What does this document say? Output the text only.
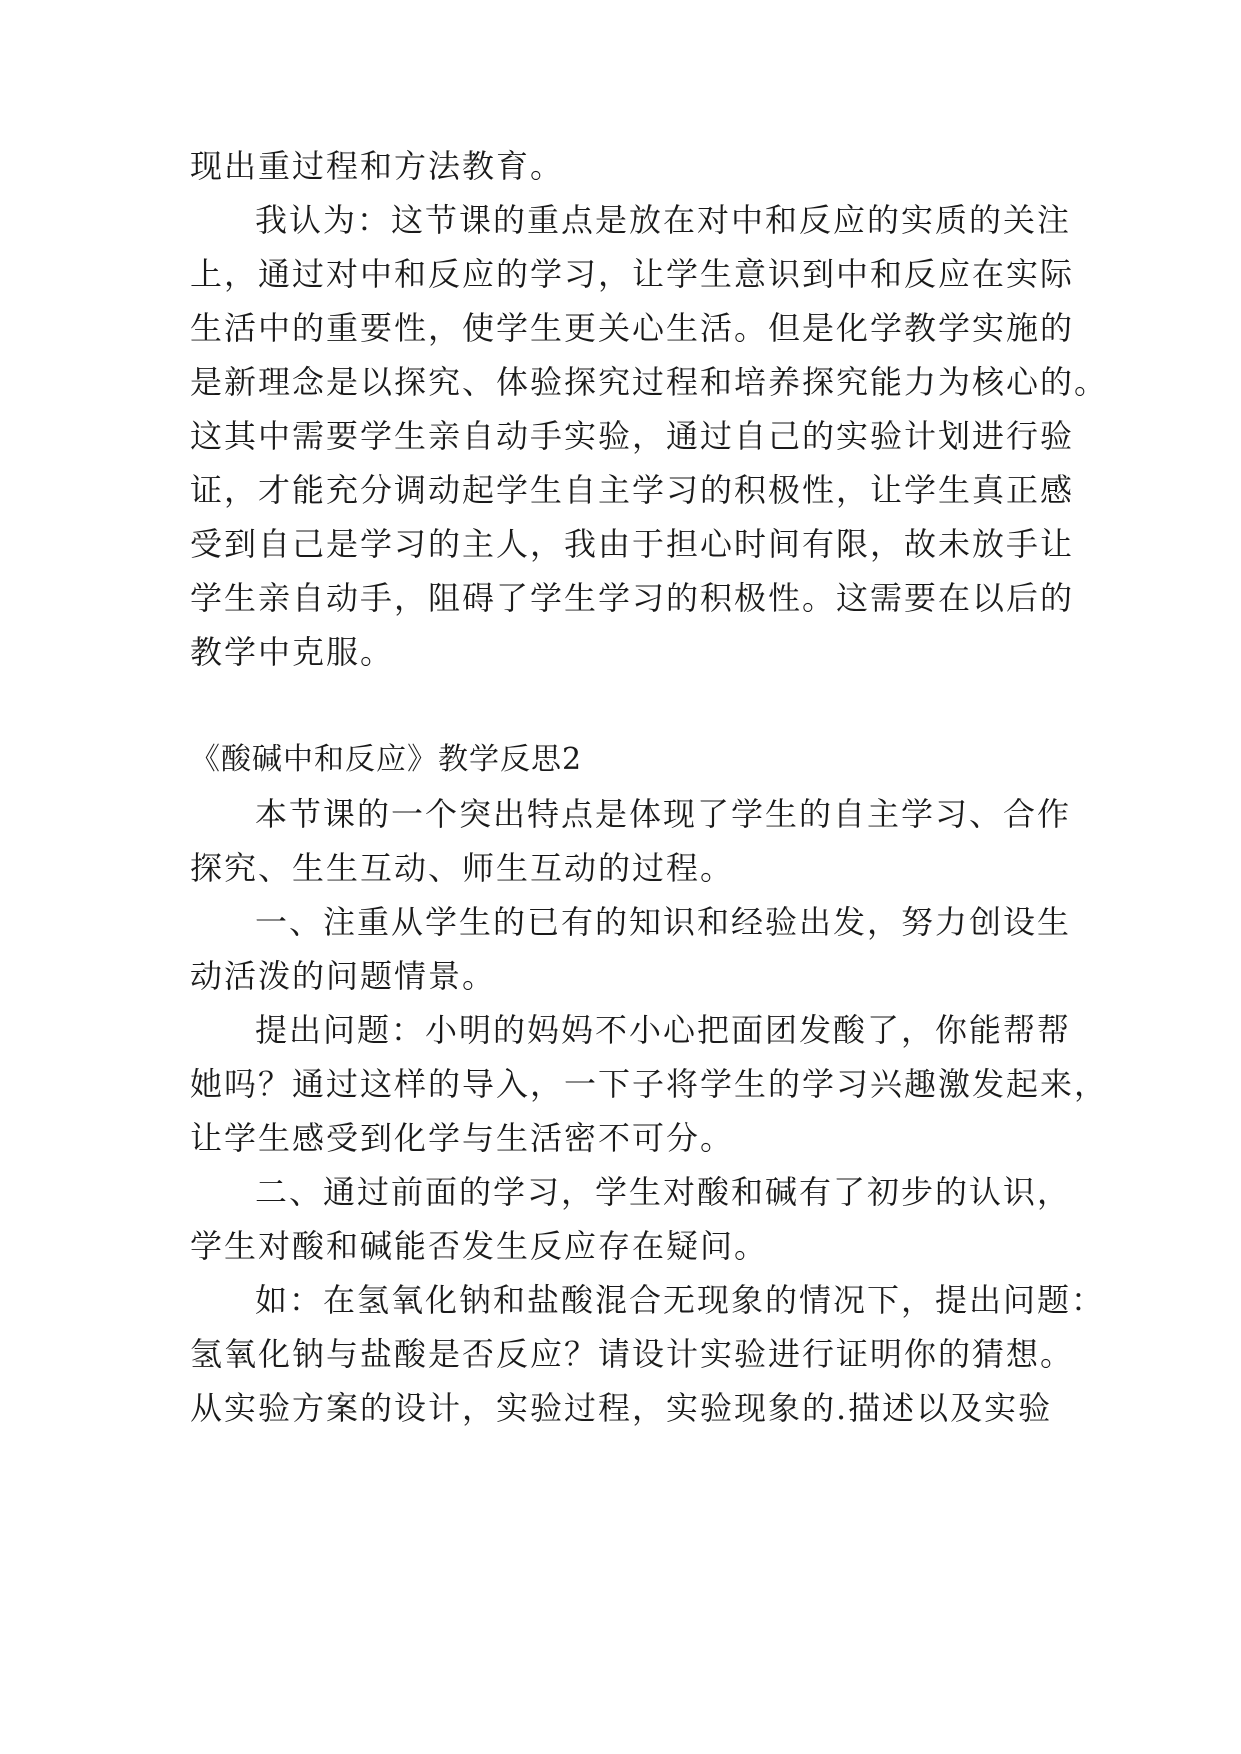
现出重过程和方法教育。

我认为：这节课的重点是放在对中和反应的实质的关注

上，通过对中和反应的学习，让学生意识到中和反应在实际

生活中的重要性，使学生更关心生活。但是化学教学实施的

是新理念是以探究、体验探究过程和培养探究能力为核心的。

这其中需要学生亲自动手实验，通过自己的实验计划进行验

证，才能充分调动起学生自主学习的积极性，让学生真正感

受到自己是学习的主人，我由于担心时间有限，故未放手让

学生亲自动手，阻碍了学生学习的积极性。这需要在以后的

教学中克服。

《酸碱中和反应》教学反思2

本节课的一个突出特点是体现了学生的自主学习、合作

探究、生生互动、师生互动的过程。

一、注重从学生的已有的知识和经验出发，努力创设生

动活泼的问题情景。

提出问题：小明的妈妈不小心把面团发酸了，你能帮帮

她吗？通过这样的导入，一下子将学生的学习兴趣激发起来，

让学生感受到化学与生活密不可分。

二、通过前面的学习，学生对酸和碱有了初步的认识，

学生对酸和碱能否发生反应存在疑问。

如：在氢氧化钠和盐酸混合无现象的情况下，提出问题：

氢氧化钠与盐酸是否反应？请设计实验进行证明你的猜想。

从实验方案的设计，实验过程，实验现象的.描述以及实验
